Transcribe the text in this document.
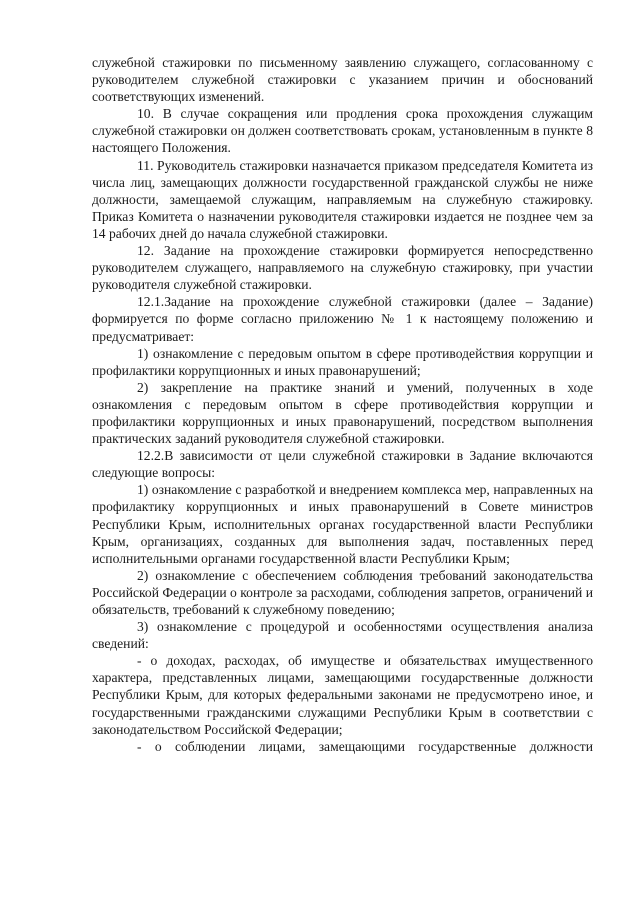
служебной стажировки по письменному заявлению служащего, согласованному с руководителем служебной стажировки с указанием причин и обоснований соответствующих изменений.

10. В случае сокращения или продления срока прохождения служащим служебной стажировки он должен соответствовать срокам, установленным в пункте 8 настоящего Положения.

11. Руководитель стажировки назначается приказом председателя Комитета из числа лиц, замещающих должности государственной гражданской службы не ниже должности, замещаемой служащим, направляемым на служебную стажировку. Приказ Комитета о назначении руководителя стажировки издается не позднее чем за 14 рабочих дней до начала служебной стажировки.

12. Задание на прохождение стажировки формируется непосредственно руководителем служащего, направляемого на служебную стажировку, при участии руководителя служебной стажировки.

12.1.Задание на прохождение служебной стажировки (далее – Задание) формируется по форме согласно приложению № 1 к настоящему положению и предусматривает:

1) ознакомление с передовым опытом в сфере противодействия коррупции и профилактики коррупционных и иных правонарушений;

2) закрепление на практике знаний и умений, полученных в ходе ознакомления с передовым опытом в сфере противодействия коррупции и профилактики коррупционных и иных правонарушений, посредством выполнения практических заданий руководителя служебной стажировки.

12.2.В зависимости от цели служебной стажировки в Задание включаются следующие вопросы:

1) ознакомление с разработкой и внедрением комплекса мер, направленных на профилактику коррупционных и иных правонарушений в Совете министров Республики Крым, исполнительных органах государственной власти Республики Крым, организациях, созданных для выполнения задач, поставленных перед исполнительными органами государственной власти Республики Крым;

2) ознакомление с обеспечением соблюдения требований законодательства Российской Федерации о контроле за расходами, соблюдения запретов, ограничений и обязательств, требований к служебному поведению;

3) ознакомление с процедурой и особенностями осуществления анализа сведений:

- о доходах, расходах, об имуществе и обязательствах имущественного характера, представленных лицами, замещающими государственные должности Республики Крым, для которых федеральными законами не предусмотрено иное, и государственными гражданскими служащими Республики Крым в соответствии с законодательством Российской Федерации;

- о соблюдении лицами, замещающими государственные должности
